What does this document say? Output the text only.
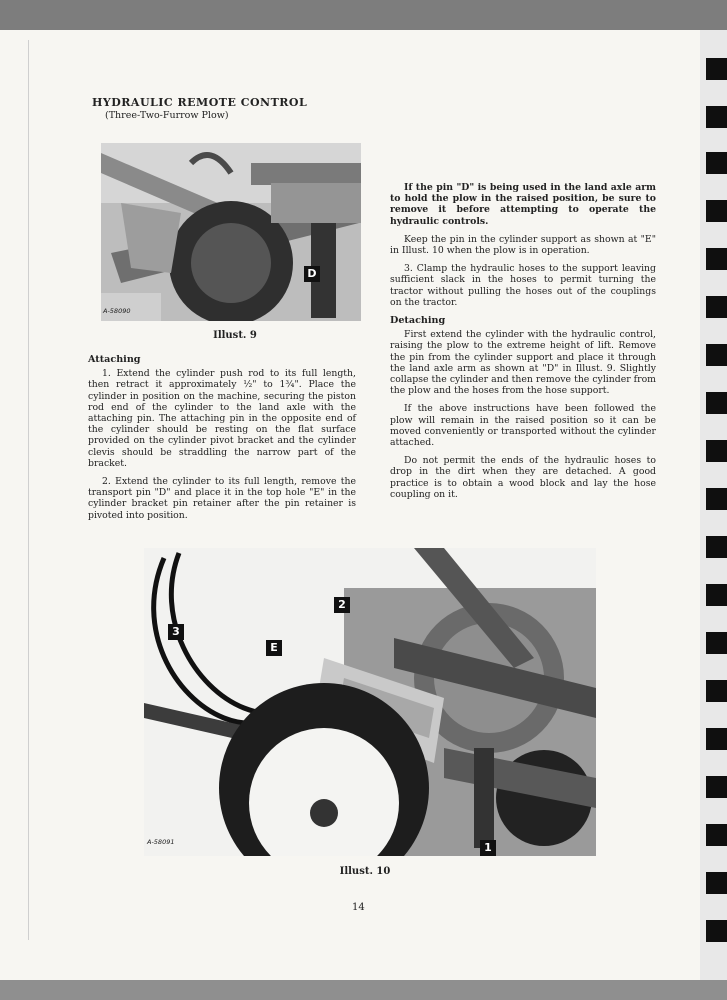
HYDRAULIC REMOTE CONTROL

(Three-Two-Furrow Plow)

D
A-58090

Illust. 9

Attaching

1. Extend the cylinder push rod to its full length, then retract it approximately ½" to 1¾". Place the cylinder in position on the machine, securing the piston rod end of the cylinder to the land axle with the attaching pin. The attaching pin in the opposite end of the cylinder should be resting on the flat surface provided on the cylinder pivot bracket and the cylinder clevis should be straddling the narrow part of the bracket.

2. Extend the cylinder to its full length, remove the transport pin "D" and place it in the top hole "E" in the cylinder bracket pin retainer after the pin retainer is pivoted into position.

If the pin "D" is being used in the land axle arm to hold the plow in the raised position, be sure to remove it before attempting to operate the hydraulic controls.

Keep the pin in the cylinder support as shown at "E" in Illust. 10 when the plow is in operation.

3. Clamp the hydraulic hoses to the support leaving sufficient slack in the hoses to permit turning the tractor without pulling the hoses out of the couplings on the tractor.

Detaching

First extend the cylinder with the hydraulic control, raising the plow to the extreme height of lift. Remove the pin from the cylinder support and place it through the land axle arm as shown at "D" in Illust. 9. Slightly collapse the cylinder and then remove the cylinder from the plow and the hoses from the hose support.

If the above instructions have been followed the plow will remain in the raised position so it can be moved conveniently or transported without the cylinder attached.

Do not permit the ends of the hydraulic hoses to drop in the dirt when they are detached. A good practice is to obtain a wood block and lay the hose coupling on it.

3
2
E
1
A-58091

Illust. 10

14
